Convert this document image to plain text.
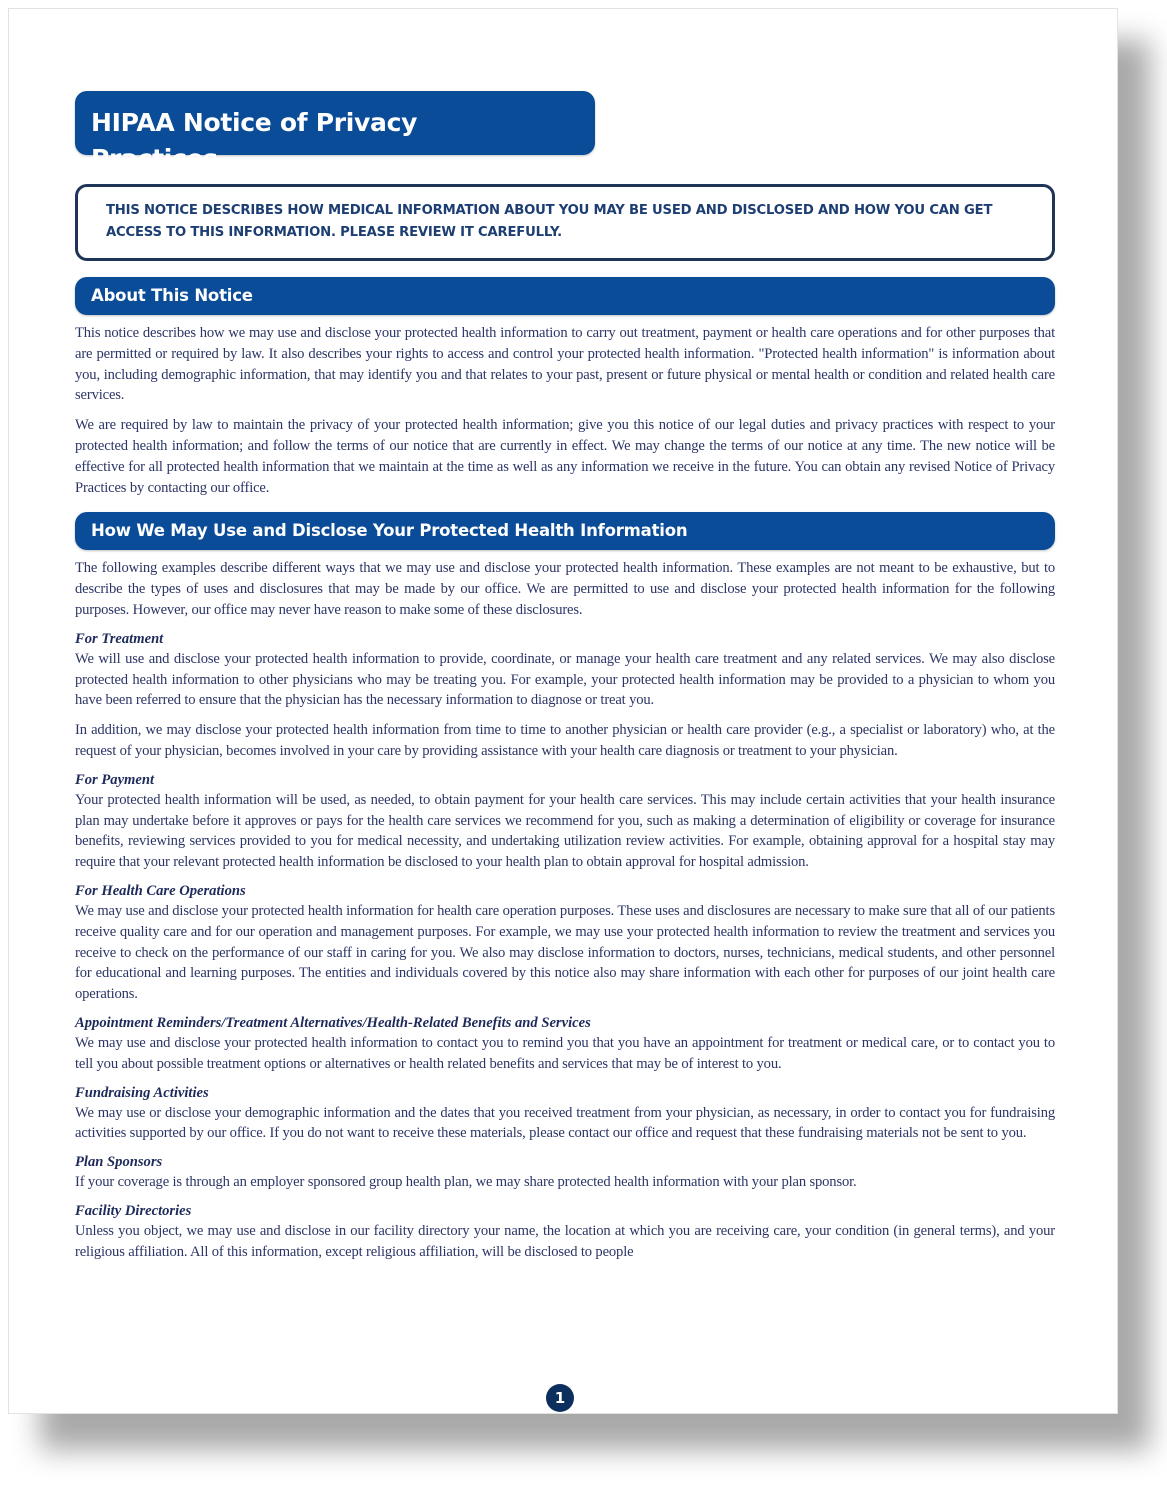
HIPAA Notice of Privacy Practices
THIS NOTICE DESCRIBES HOW MEDICAL INFORMATION ABOUT YOU MAY BE USED AND DISCLOSED AND HOW YOU CAN GET ACCESS TO THIS INFORMATION. PLEASE REVIEW IT CAREFULLY.
About This Notice

This notice describes how we may use and disclose your protected health information to carry out treatment, payment or health care operations and for other purposes that are permitted or required by law. It also describes your rights to access and control your protected health information. "Protected health information" is information about you, including demographic information, that may identify you and that relates to your past, present or future physical or mental health or condition and related health care services.

We are required by law to maintain the privacy of your protected health information; give you this notice of our legal duties and privacy practices with respect to your protected health information; and follow the terms of our notice that are currently in effect. We may change the terms of our notice at any time. The new notice will be effective for all protected health information that we maintain at the time as well as any information we receive in the future. You can obtain any revised Notice of Privacy Practices by contacting our office.

How We May Use and Disclose Your Protected Health Information

The following examples describe different ways that we may use and disclose your protected health information. These examples are not meant to be exhaustive, but to describe the types of uses and disclosures that may be made by our office. We are permitted to use and disclose your protected health information for the following purposes. However, our office may never have reason to make some of these disclosures.

For Treatment

We will use and disclose your protected health information to provide, coordinate, or manage your health care treatment and any related services. We may also disclose protected health information to other physicians who may be treating you. For example, your protected health information may be provided to a physician to whom you have been referred to ensure that the physician has the necessary information to diagnose or treat you.

In addition, we may disclose your protected health information from time to time to another physician or health care provider (e.g., a specialist or laboratory) who, at the request of your physician, becomes involved in your care by providing assistance with your health care diagnosis or treatment to your physician.

For Payment

Your protected health information will be used, as needed, to obtain payment for your health care services. This may include certain activities that your health insurance plan may undertake before it approves or pays for the health care services we recommend for you, such as making a determination of eligibility or coverage for insurance benefits, reviewing services provided to you for medical necessity, and undertaking utilization review activities. For example, obtaining approval for a hospital stay may require that your relevant protected health information be disclosed to your health plan to obtain approval for hospital admission.

For Health Care Operations

We may use and disclose your protected health information for health care operation purposes. These uses and disclosures are necessary to make sure that all of our patients receive quality care and for our operation and management purposes. For example, we may use your protected health information to review the treatment and services you receive to check on the performance of our staff in caring for you. We also may disclose information to doctors, nurses, technicians, medical students, and other personnel for educational and learning purposes. The entities and individuals covered by this notice also may share information with each other for purposes of our joint health care operations.

Appointment Reminders/Treatment Alternatives/Health-Related Benefits and Services

We may use and disclose your protected health information to contact you to remind you that you have an appointment for treatment or medical care, or to contact you to tell you about possible treatment options or alternatives or health related benefits and services that may be of interest to you.

Fundraising Activities

We may use or disclose your demographic information and the dates that you received treatment from your physician, as necessary, in order to contact you for fundraising activities supported by our office. If you do not want to receive these materials, please contact our office and request that these fundraising materials not be sent to you.

Plan Sponsors

If your coverage is through an employer sponsored group health plan, we may share protected health information with your plan sponsor.

Facility Directories

Unless you object, we may use and disclose in our facility directory your name, the location at which you are receiving care, your condition (in general terms), and your religious affiliation. All of this information, except religious affiliation, will be disclosed to people

1
